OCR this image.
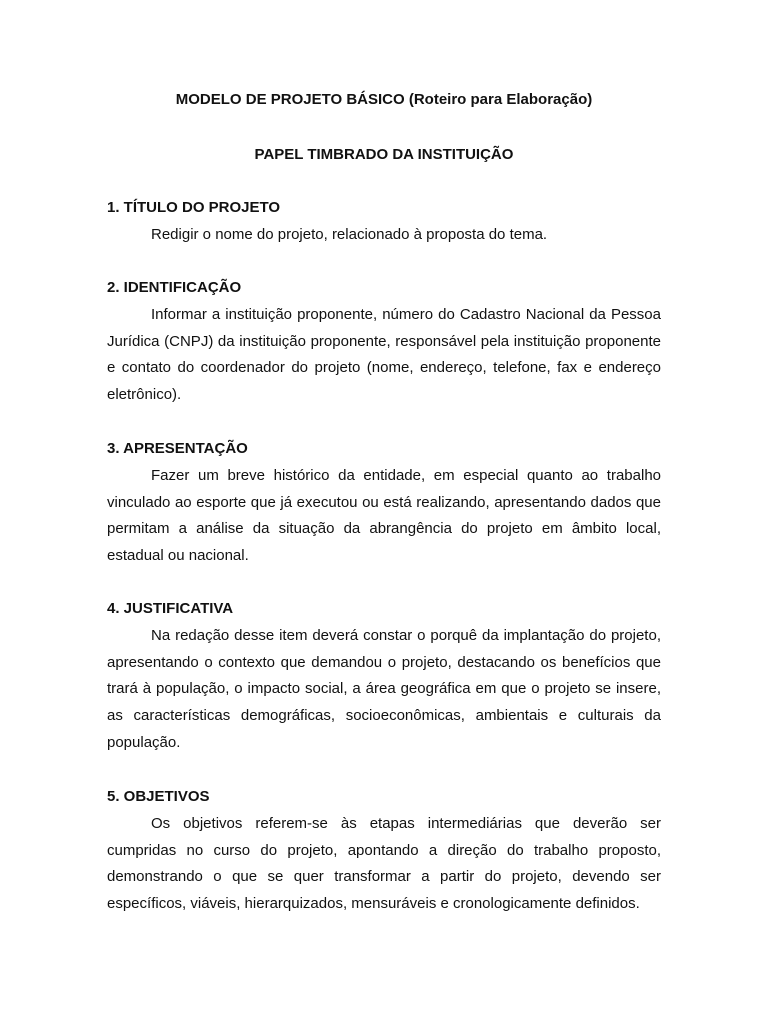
MODELO DE PROJETO BÁSICO (Roteiro para Elaboração)
PAPEL TIMBRADO DA INSTITUIÇÃO
1. TÍTULO DO PROJETO

Redigir o nome do projeto, relacionado à proposta do tema.

2. IDENTIFICAÇÃO

Informar a instituição proponente, número do Cadastro Nacional da Pessoa Jurídica (CNPJ) da instituição proponente, responsável pela instituição proponente e contato do coordenador do projeto (nome, endereço, telefone, fax e endereço eletrônico).

3. APRESENTAÇÃO

Fazer um breve histórico da entidade, em especial quanto ao trabalho vinculado ao esporte que já executou ou está realizando, apresentando dados que permitam a análise da situação da abrangência do projeto em âmbito local, estadual ou nacional.

4. JUSTIFICATIVA

Na redação desse item deverá constar o porquê da implantação do projeto, apresentando o contexto que demandou o projeto, destacando os benefícios que trará à população, o impacto social, a área geográfica em que o projeto se insere, as características demográficas, socioeconômicas, ambientais e culturais da população.

5. OBJETIVOS

Os objetivos referem-se às etapas intermediárias que deverão ser cumpridas no curso do projeto, apontando a direção do trabalho proposto, demonstrando o que se quer transformar a partir do projeto, devendo ser específicos, viáveis, hierarquizados, mensuráveis e cronologicamente definidos.
